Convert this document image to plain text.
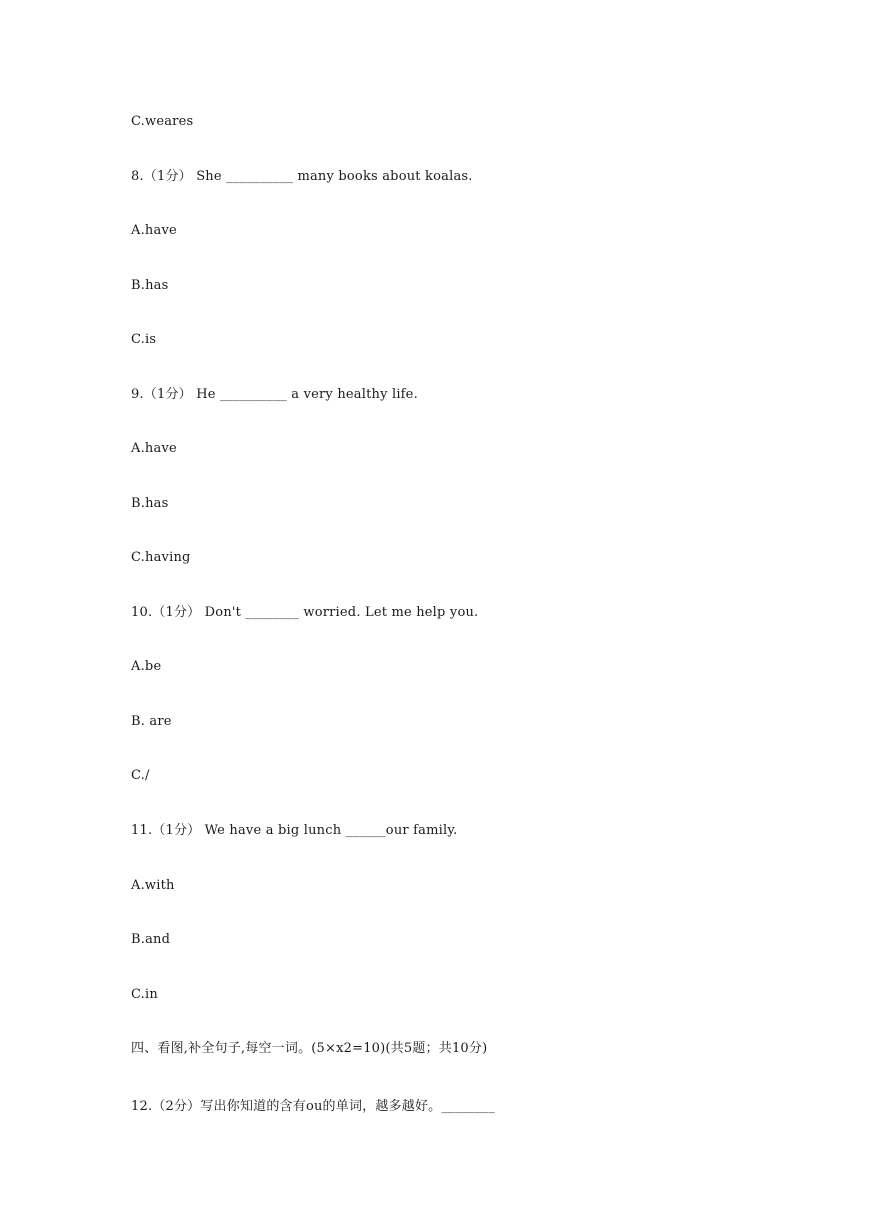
C.weares
8.（1分） She __________ many books about koalas.
A.have
B.has
C.is
9.（1分） He __________ a very healthy life.
A.have
B.has
C.having
10.（1分） Don't ________ worried. Let me help you.
A.be
B. are
C./
11.（1分） We have a big lunch ______our family.
A.with
B.and
C.in
四、看图,补全句子,每空一词。(5×x2=10)(共5题；共10分)
12.（2分）写出你知道的含有ou的单词，越多越好。________
